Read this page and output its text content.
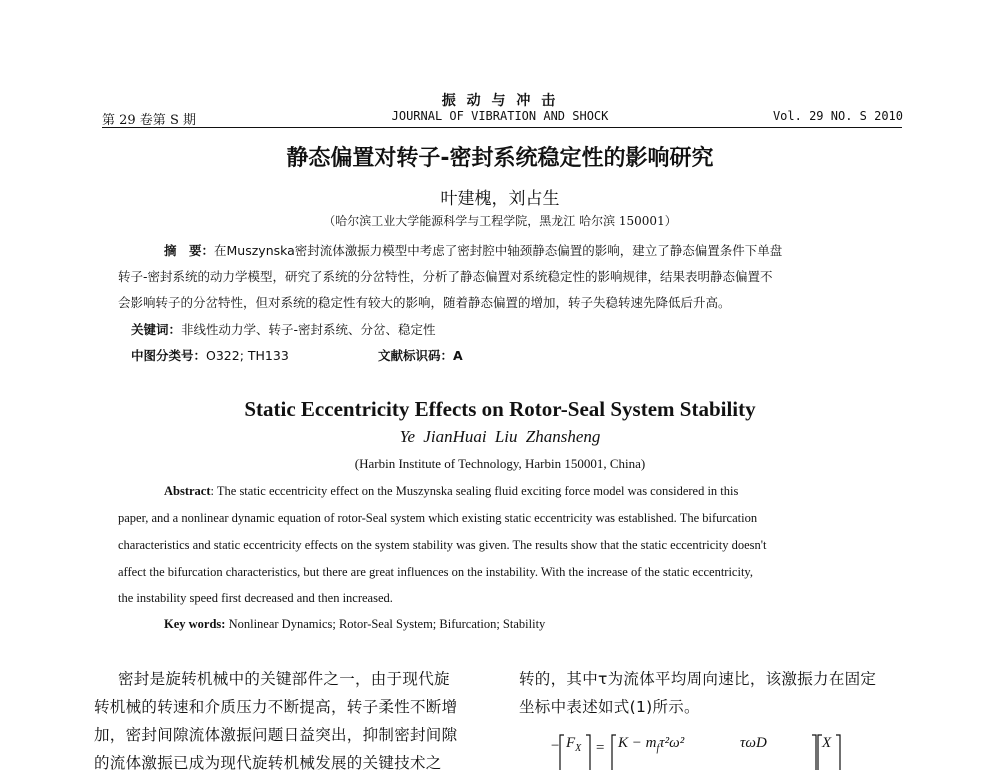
振 动 与 冲 击
第 29 卷第 S 期	JOURNAL OF VIBRATION AND SHOCK	Vol. 29 NO. S 2010
静态偏置对转子-密封系统稳定性的影响研究
叶建槐，刘占生
（哈尔滨工业大学能源科学与工程学院，黑龙江 哈尔滨 150001）
摘　要：在Muszynska密封流体激振力模型中考虑了密封腔中轴颈静态偏置的影响，建立了静态偏置条件下单盘
转子-密封系统的动力学模型，研究了系统的分岔特性，分析了静态偏置对系统稳定性的影响规律，结果表明静态偏置不
会影响转子的分岔特性，但对系统的稳定性有较大的影响，随着静态偏置的增加，转子失稳转速先降低后升高。
关键词：非线性动力学、转子-密封系统、分岔、稳定性
中图分类号：O322; TH133	文献标识码：A
Static Eccentricity Effects on Rotor-Seal System Stability
Ye JianHuai Liu Zhansheng
(Harbin Institute of Technology, Harbin 150001, China)
Abstract: The static eccentricity effect on the Muszynska sealing fluid exciting force model was considered in this
paper, and a nonlinear dynamic equation of rotor-Seal system which existing static eccentricity was established. The bifurcation
characteristics and static eccentricity effects on the system stability was given. The results show that the static eccentricity doesn't
affect the bifurcation characteristics, but there are great influences on the instability. With the increase of the static eccentricity,
the instability speed first decreased and then increased.
Key words: Nonlinear Dynamics; Rotor-Seal System; Bifurcation; Stability
密封是旋转机械中的关键部件之一，由于现代旋
转机械的转速和介质压力不断提高，转子柔性不断增
加，密封间隙流体激振问题日益突出，抑制密封间隙
的流体激振已成为现代旋转机械发展的关键技术之
转的，其中τ为流体平均周向速比，该激振力在固定
坐标中表述如式(1)所示。
− $F_X = K - m_f\tau^2\omega^2$	τωD	X
